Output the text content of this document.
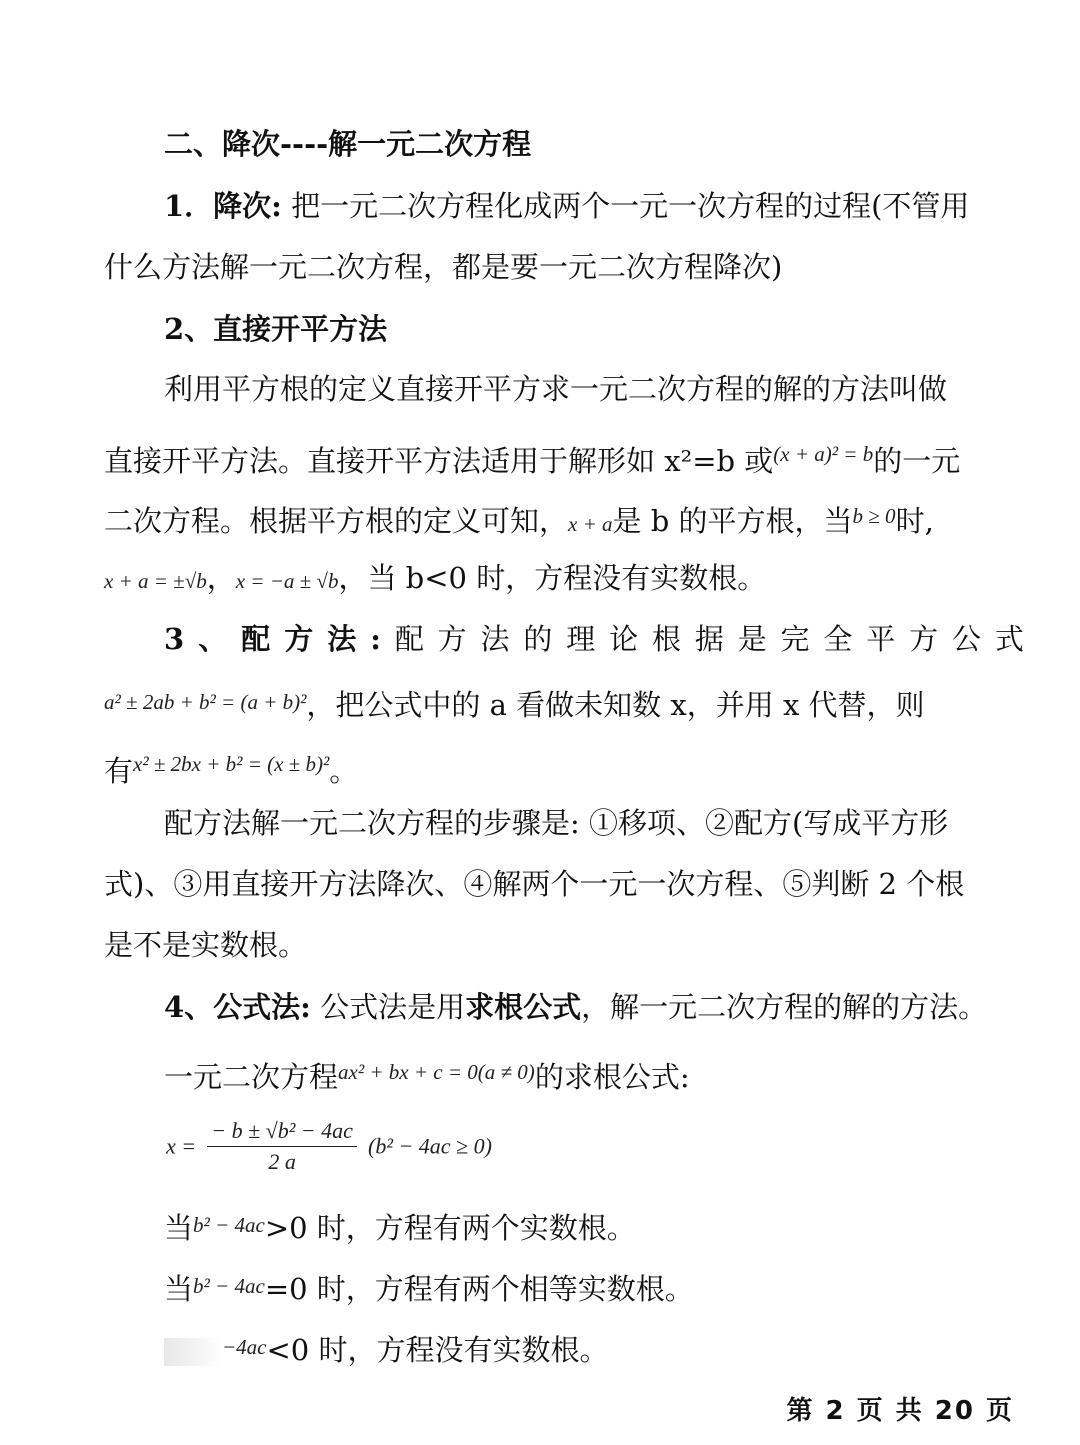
二、降次----解一元二次方程
1．降次: 把一元二次方程化成两个一元一次方程的过程(不管用
什么方法解一元二次方程，都是要一元二次方程降次)
2、直接开平方法
利用平方根的定义直接开平方求一元二次方程的解的方法叫做
直接开平方法。直接开平方法适用于解形如 x²=b 或$^{(x + a)^2 = b}$的一元
二次方程。根据平方根的定义可知，x + a是 b 的平方根，当$^{b \ge 0}$时,
x + a = ±√b，x = −a ± √b，当 b<0 时，方程没有实数根。
3 、 配 方 法 : 配 方 法 的 理 论 根 据 是 完 全 平 方 公 式
$^{a^2 \pm 2ab + b^2 = (a + b)^2}$，把公式中的 a 看做未知数 x，并用 x 代替，则
有$^{x^2 \pm 2bx + b^2 = (x \pm b)^2}$。
配方法解一元二次方程的步骤是: ①移项、②配方(写成平方形
式)、③用直接开方法降次、④解两个一元一次方程、⑤判断 2 个根
是不是实数根。
4、公式法: 公式法是用求根公式，解一元二次方程的解的方法。
一元二次方程$^{ax^2 + bx + c = 0(a \ne 0)}$的求根公式:
$x = \frac{\text{− b ± √b² − 4ac}}{2 a} (b^2 - 4ac \ge 0)$
当$^{b^2 - 4ac}$>0 时，方程有两个实数根。
当$^{b^2 - 4ac}$=0 时，方程有两个相等实数根。
$^{-4ac}$<0 时，方程没有实数根。
第 2 页 共 20 页
